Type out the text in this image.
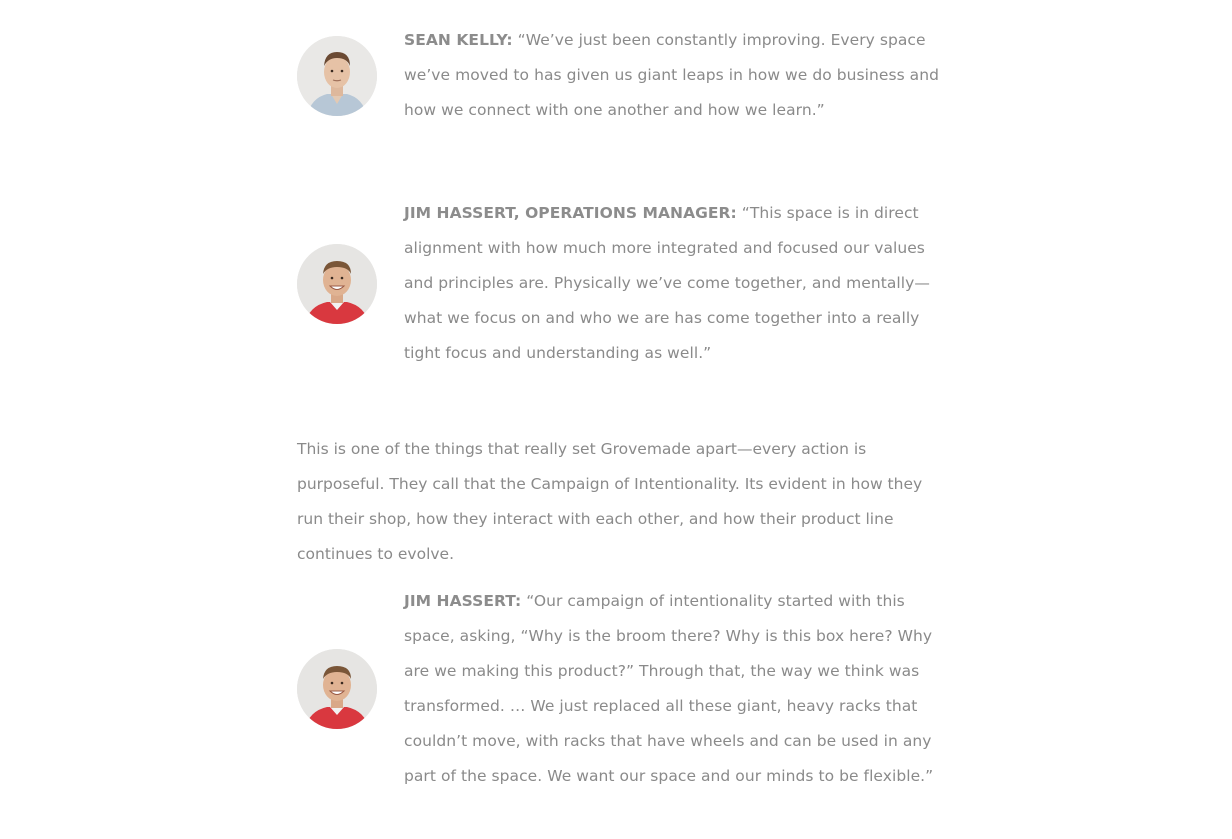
SEAN KELLY: “We’ve just been constantly improving. Every space we’ve moved to has given us giant leaps in how we do business and how we connect with one another and how we learn.”
JIM HASSERT, OPERATIONS MANAGER: “This space is in direct alignment with how much more integrated and focused our values and principles are. Physically we’ve come together, and mentally—what we focus on and who we are has come together into a really tight focus and understanding as well.”

This is one of the things that really set Grovemade apart—every action is purposeful. They call that the Campaign of Intentionality. Its evident in how they run their shop, how they interact with each other, and how their product line continues to evolve.

JIM HASSERT: “Our campaign of intentionality started with this space, asking, “Why is the broom there? Why is this box here? Why are we making this product?” Through that, the way we think was transformed. … We just replaced all these giant, heavy racks that couldn’t move, with racks that have wheels and can be used in any part of the space. We want our space and our minds to be flexible.”
